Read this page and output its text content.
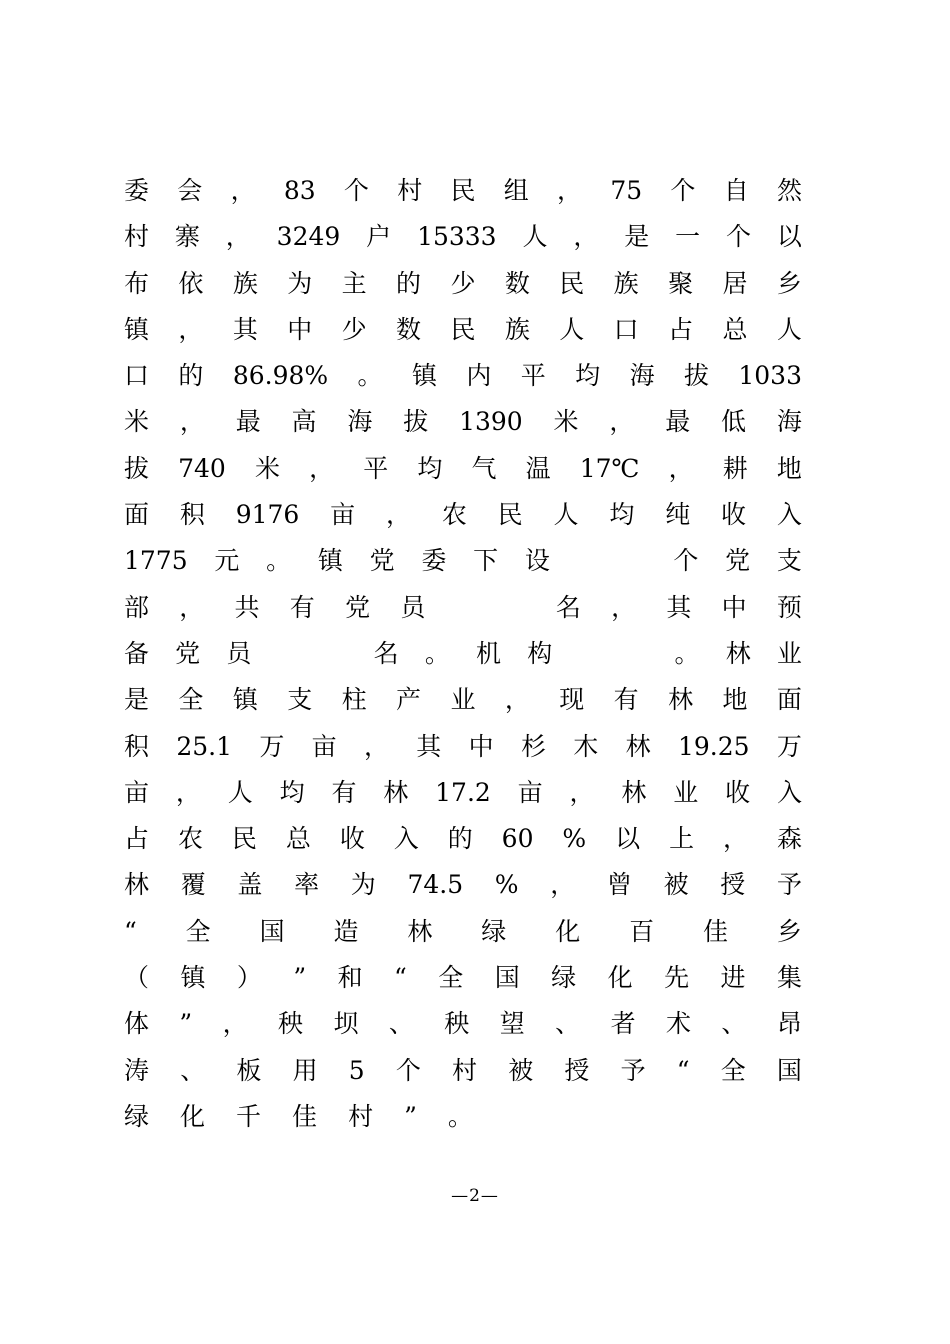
委 会 ， 83 个 村 民 组 ， 75 个 自 然
村 寨 ， 3249 户 15333 人 ， 是 一 个 以
布 依 族 为 主 的 少 数 民 族 聚 居 乡
镇 ， 其 中 少 数 民 族 人 口 占 总 人
口 的 86.98% 。 镇 内 平 均 海 拔 1033
米 ， 最 高 海 拔 1390 米 ， 最 低 海
拔 740 米 ， 平 均 气 温 17℃ ， 耕 地
面 积 9176 亩 ， 农 民 人 均 纯 收 入
1775 元 。 镇 党 委 下 设	个 党 支
部 ， 共 有 党 员	名 ， 其 中 预
备 党 员	名 。 机 构	。 林 业
是 全 镇 支 柱 产 业 ， 现 有 林 地 面
积 25.1 万 亩 ， 其 中 杉 木 林 19.25 万
亩 ， 人 均 有 林 17.2 亩 ， 林 业 收 入
占 农 民 总 收 入 的 60 % 以 上 ， 森
林 覆 盖 率 为 74.5 % ， 曾 被 授 予
“ 全 国 造 林 绿 化 百 佳 乡
（ 镇 ） ” 和 “ 全 国 绿 化 先 进 集
体 ” ， 秧 坝 、 秧 望 、 者 术 、 昂
涛 、 板 用 5 个 村 被 授 予 “ 全 国
绿 化 千 佳 村 ” 。
—2—
